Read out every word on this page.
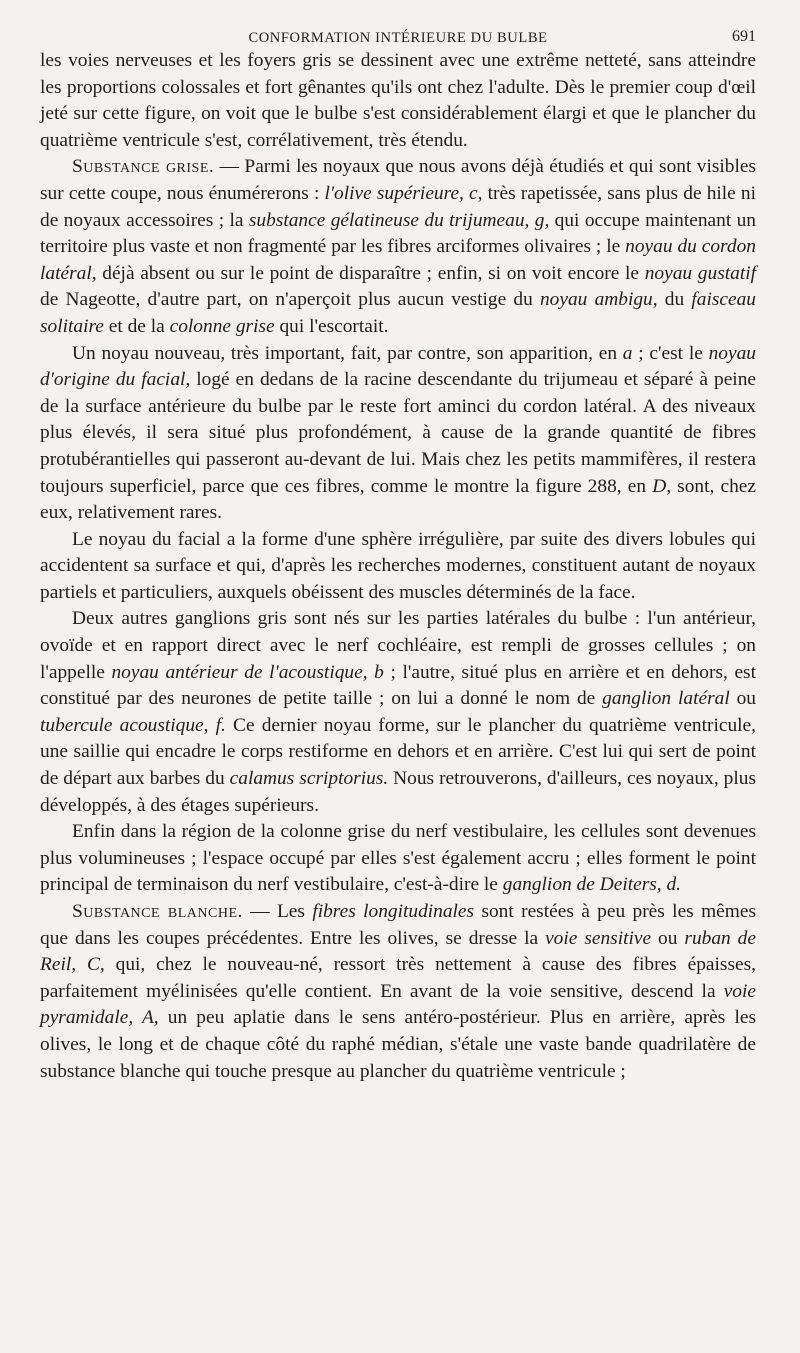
CONFORMATION INTÉRIEURE DU BULBE	691

les voies nerveuses et les foyers gris se dessinent avec une extrême netteté, sans atteindre les proportions colossales et fort gênantes qu'ils ont chez l'adulte. Dès le premier coup d'œil jeté sur cette figure, on voit que le bulbe s'est considérablement élargi et que le plancher du quatrième ventricule s'est, corrélativement, très étendu.

Substance grise. — Parmi les noyaux que nous avons déjà étudiés et qui sont visibles sur cette coupe, nous énumérerons : l'olive supérieure, c, très rapetissée, sans plus de hile ni de noyaux accessoires ; la substance gélatineuse du trijumeau, g, qui occupe maintenant un territoire plus vaste et non fragmenté par les fibres arciformes olivaires ; le noyau du cordon latéral, déjà absent ou sur le point de disparaître ; enfin, si on voit encore le noyau gustatif de Nageotte, d'autre part, on n'aperçoit plus aucun vestige du noyau ambigu, du faisceau solitaire et de la colonne grise qui l'escortait.

Un noyau nouveau, très important, fait, par contre, son apparition, en a ; c'est le noyau d'origine du facial, logé en dedans de la racine descendante du trijumeau et séparé à peine de la surface antérieure du bulbe par le reste fort aminci du cordon latéral. A des niveaux plus élevés, il sera situé plus profondément, à cause de la grande quantité de fibres protubérantielles qui passeront au-devant de lui. Mais chez les petits mammifères, il restera toujours superficiel, parce que ces fibres, comme le montre la figure 288, en D, sont, chez eux, relativement rares.

Le noyau du facial a la forme d'une sphère irrégulière, par suite des divers lobules qui accidentent sa surface et qui, d'après les recherches modernes, constituent autant de noyaux partiels et particuliers, auxquels obéissent des muscles déterminés de la face.

Deux autres ganglions gris sont nés sur les parties latérales du bulbe : l'un antérieur, ovoïde et en rapport direct avec le nerf cochléaire, est rempli de grosses cellules ; on l'appelle noyau antérieur de l'acoustique, b ; l'autre, situé plus en arrière et en dehors, est constitué par des neurones de petite taille ; on lui a donné le nom de ganglion latéral ou tubercule acoustique, f. Ce dernier noyau forme, sur le plancher du quatrième ventricule, une saillie qui encadre le corps restiforme en dehors et en arrière. C'est lui qui sert de point de départ aux barbes du calamus scriptorius. Nous retrouverons, d'ailleurs, ces noyaux, plus développés, à des étages supérieurs.

Enfin dans la région de la colonne grise du nerf vestibulaire, les cellules sont devenues plus volumineuses ; l'espace occupé par elles s'est également accru ; elles forment le point principal de terminaison du nerf vestibulaire, c'est-à-dire le ganglion de Deiters, d.

Substance blanche. — Les fibres longitudinales sont restées à peu près les mêmes que dans les coupes précédentes. Entre les olives, se dresse la voie sensitive ou ruban de Reil, C, qui, chez le nouveau-né, ressort très nettement à cause des fibres épaisses, parfaitement myélinisées qu'elle contient. En avant de la voie sensitive, descend la voie pyramidale, A, un peu aplatie dans le sens antéro-postérieur. Plus en arrière, après les olives, le long et de chaque côté du raphé médian, s'étale une vaste bande quadrilatère de substance blanche qui touche presque au plancher du quatrième ventricule ;
